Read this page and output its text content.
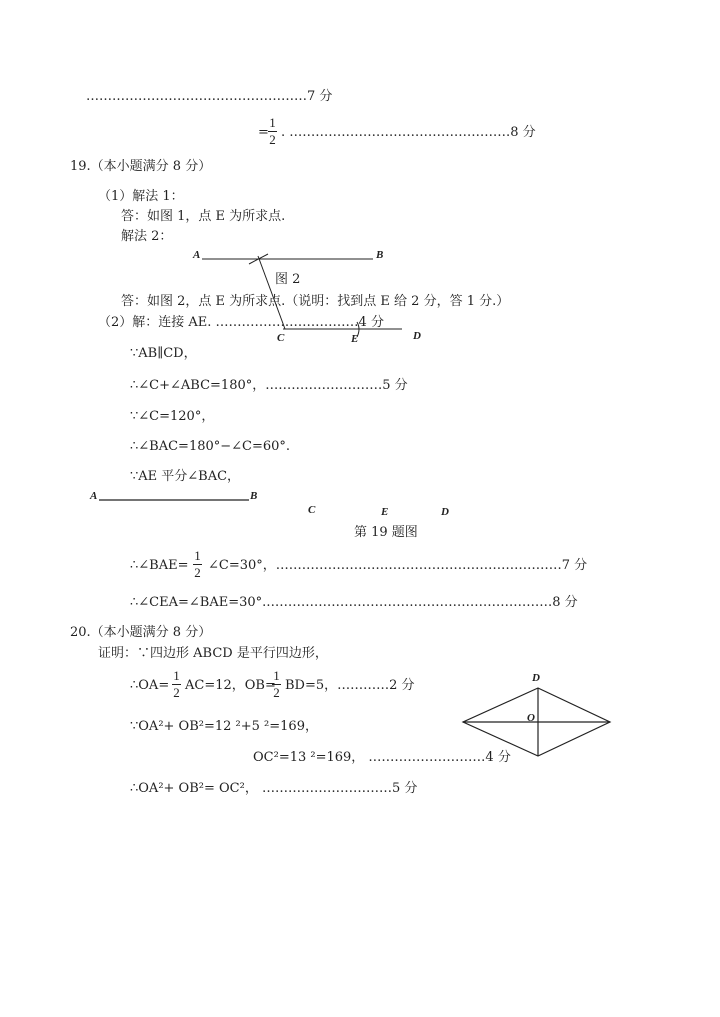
……………………………………………7 分
=
1
2 . ……………………………………………8 分
19.（本小题满分 8 分）
（1）解法 1：
答：如图 1，点 E 为所求点.
解法 2：
A	B
图 2
答：如图 2，点 E 为所求点.（说明：找到点 E 给 2 分，答 1 分.）
（2）解：连接 AE. ……………………………4 分
C	E	D
∵AB∥CD，
∴∠C+∠ABC=180°，………………………5 分
∵∠C=120°，
∴∠BAC=180°−∠C=60°.
∵AE 平分∠BAC，
A	B
C	E	D
第 19 题图
∴∠BAE=
1
2 ∠C=30°，…………………………………………………………7 分
∴∠CEA=∠BAE=30°.…………………………………………………………8 分
20.（本小题满分 8 分）
证明：∵四边形 ABCD 是平行四边形，
∴OA=
1
2 AC=12，OB=
1
2 BD=5，…………2 分
∵OA²+ OB²=12 ²+5 ²=169，
OC²=13 ²=169， ………………………4 分
∴OA²+ OB²= OC²， …………………………5 分
D
O
